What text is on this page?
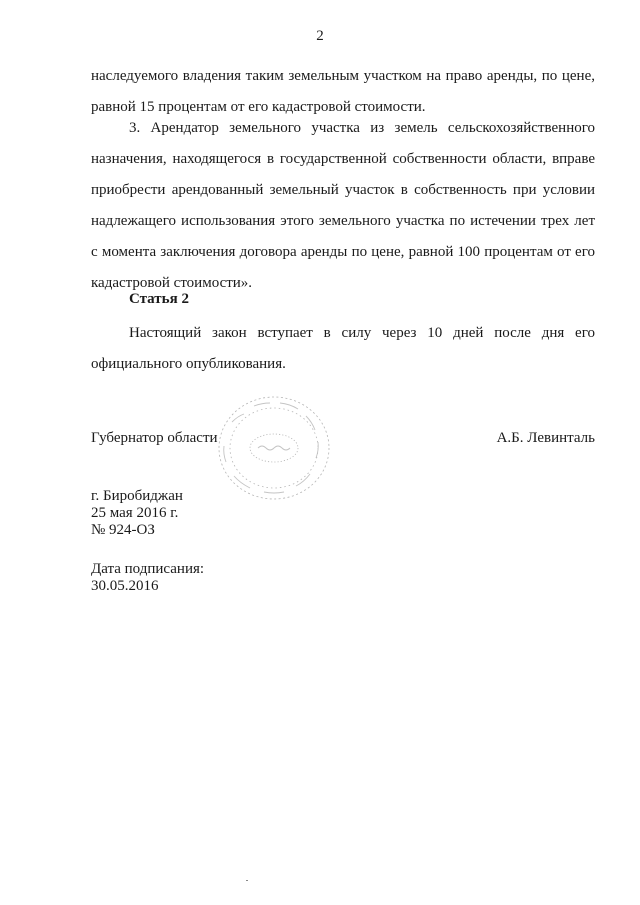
2
наследуемого владения таким земельным участком на право аренды, по цене,
равной 15 процентам от его кадастровой стоимости.
3. Арендатор земельного участка из земель сельскохозяйственного
назначения, находящегося в государственной собственности области, вправе
приобрести арендованный земельный участок в собственность при условии
надлежащего использования этого земельного участка по истечении трех лет
с момента заключения договора аренды по цене, равной 100 процентам от его
кадастровой стоимости».
Статья 2
Настоящий закон вступает в силу через 10 дней после дня его
официального опубликования.
Губернатор области	А.Б. Левинталь
г. Биробиджан
25 мая 2016 г.
№ 924-ОЗ
Дата подписания:
30.05.2016
